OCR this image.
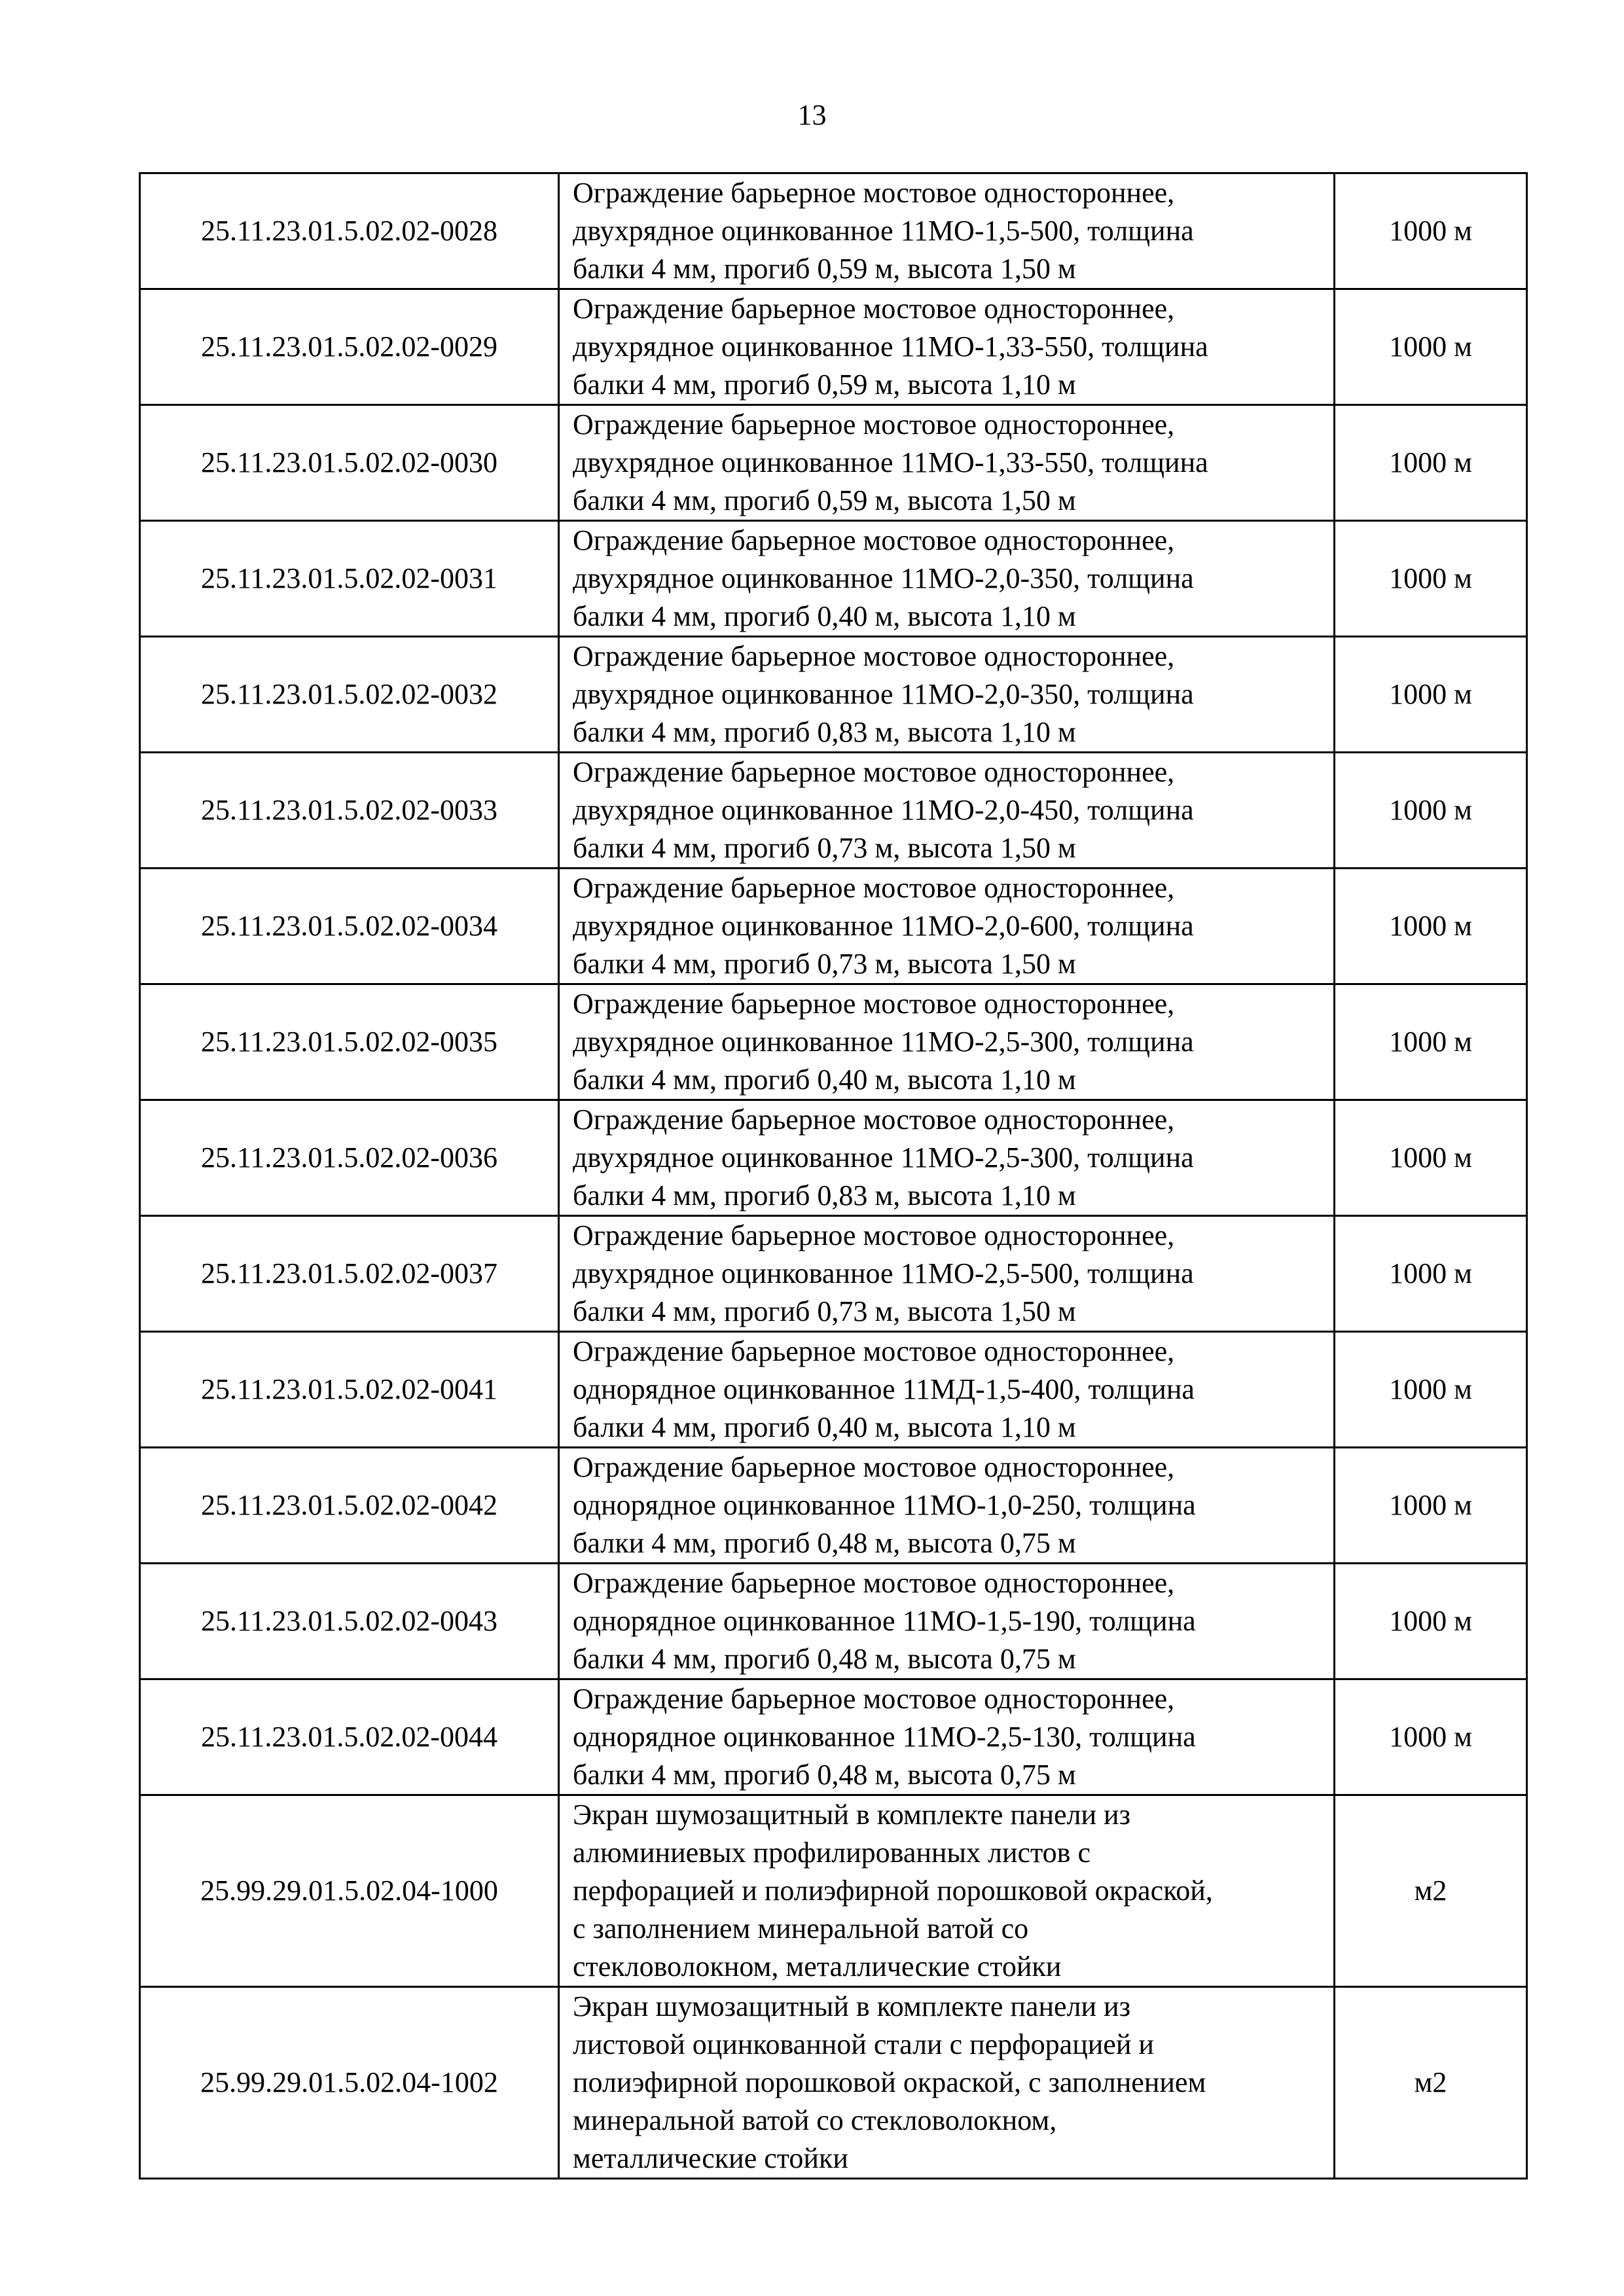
13
25.11.23.01.5.02.02-0028	Ограждение барьерное мостовое одностороннее,
двухрядное оцинкованное 11МО-1,5-500, толщина
балки 4 мм, прогиб 0,59 м, высота 1,50 м	1000 м
25.11.23.01.5.02.02-0029	Ограждение барьерное мостовое одностороннее,
двухрядное оцинкованное 11МО-1,33-550, толщина
балки 4 мм, прогиб 0,59 м, высота 1,10 м	1000 м
25.11.23.01.5.02.02-0030	Ограждение барьерное мостовое одностороннее,
двухрядное оцинкованное 11МО-1,33-550, толщина
балки 4 мм, прогиб 0,59 м, высота 1,50 м	1000 м
25.11.23.01.5.02.02-0031	Ограждение барьерное мостовое одностороннее,
двухрядное оцинкованное 11МО-2,0-350, толщина
балки 4 мм, прогиб 0,40 м, высота 1,10 м	1000 м
25.11.23.01.5.02.02-0032	Ограждение барьерное мостовое одностороннее,
двухрядное оцинкованное 11МО-2,0-350, толщина
балки 4 мм, прогиб 0,83 м, высота 1,10 м	1000 м
25.11.23.01.5.02.02-0033	Ограждение барьерное мостовое одностороннее,
двухрядное оцинкованное 11МО-2,0-450, толщина
балки 4 мм, прогиб 0,73 м, высота 1,50 м	1000 м
25.11.23.01.5.02.02-0034	Ограждение барьерное мостовое одностороннее,
двухрядное оцинкованное 11МО-2,0-600, толщина
балки 4 мм, прогиб 0,73 м, высота 1,50 м	1000 м
25.11.23.01.5.02.02-0035	Ограждение барьерное мостовое одностороннее,
двухрядное оцинкованное 11МО-2,5-300, толщина
балки 4 мм, прогиб 0,40 м, высота 1,10 м	1000 м
25.11.23.01.5.02.02-0036	Ограждение барьерное мостовое одностороннее,
двухрядное оцинкованное 11МО-2,5-300, толщина
балки 4 мм, прогиб 0,83 м, высота 1,10 м	1000 м
25.11.23.01.5.02.02-0037	Ограждение барьерное мостовое одностороннее,
двухрядное оцинкованное 11МО-2,5-500, толщина
балки 4 мм, прогиб 0,73 м, высота 1,50 м	1000 м
25.11.23.01.5.02.02-0041	Ограждение барьерное мостовое одностороннее,
однорядное оцинкованное 11МД-1,5-400, толщина
балки 4 мм, прогиб 0,40 м, высота 1,10 м	1000 м
25.11.23.01.5.02.02-0042	Ограждение барьерное мостовое одностороннее,
однорядное оцинкованное 11МО-1,0-250, толщина
балки 4 мм, прогиб 0,48 м, высота 0,75 м	1000 м
25.11.23.01.5.02.02-0043	Ограждение барьерное мостовое одностороннее,
однорядное оцинкованное 11МО-1,5-190, толщина
балки 4 мм, прогиб 0,48 м, высота 0,75 м	1000 м
25.11.23.01.5.02.02-0044	Ограждение барьерное мостовое одностороннее,
однорядное оцинкованное 11МО-2,5-130, толщина
балки 4 мм, прогиб 0,48 м, высота 0,75 м	1000 м
25.99.29.01.5.02.04-1000	Экран шумозащитный в комплекте панели из
алюминиевых профилированных листов с
перфорацией и полиэфирной порошковой окраской,
с заполнением минеральной ватой со
стекловолокном, металлические стойки	м2
25.99.29.01.5.02.04-1002	Экран шумозащитный в комплекте панели из
листовой оцинкованной стали с перфорацией и
полиэфирной порошковой окраской, с заполнением
минеральной ватой со стекловолокном,
металлические стойки	м2
